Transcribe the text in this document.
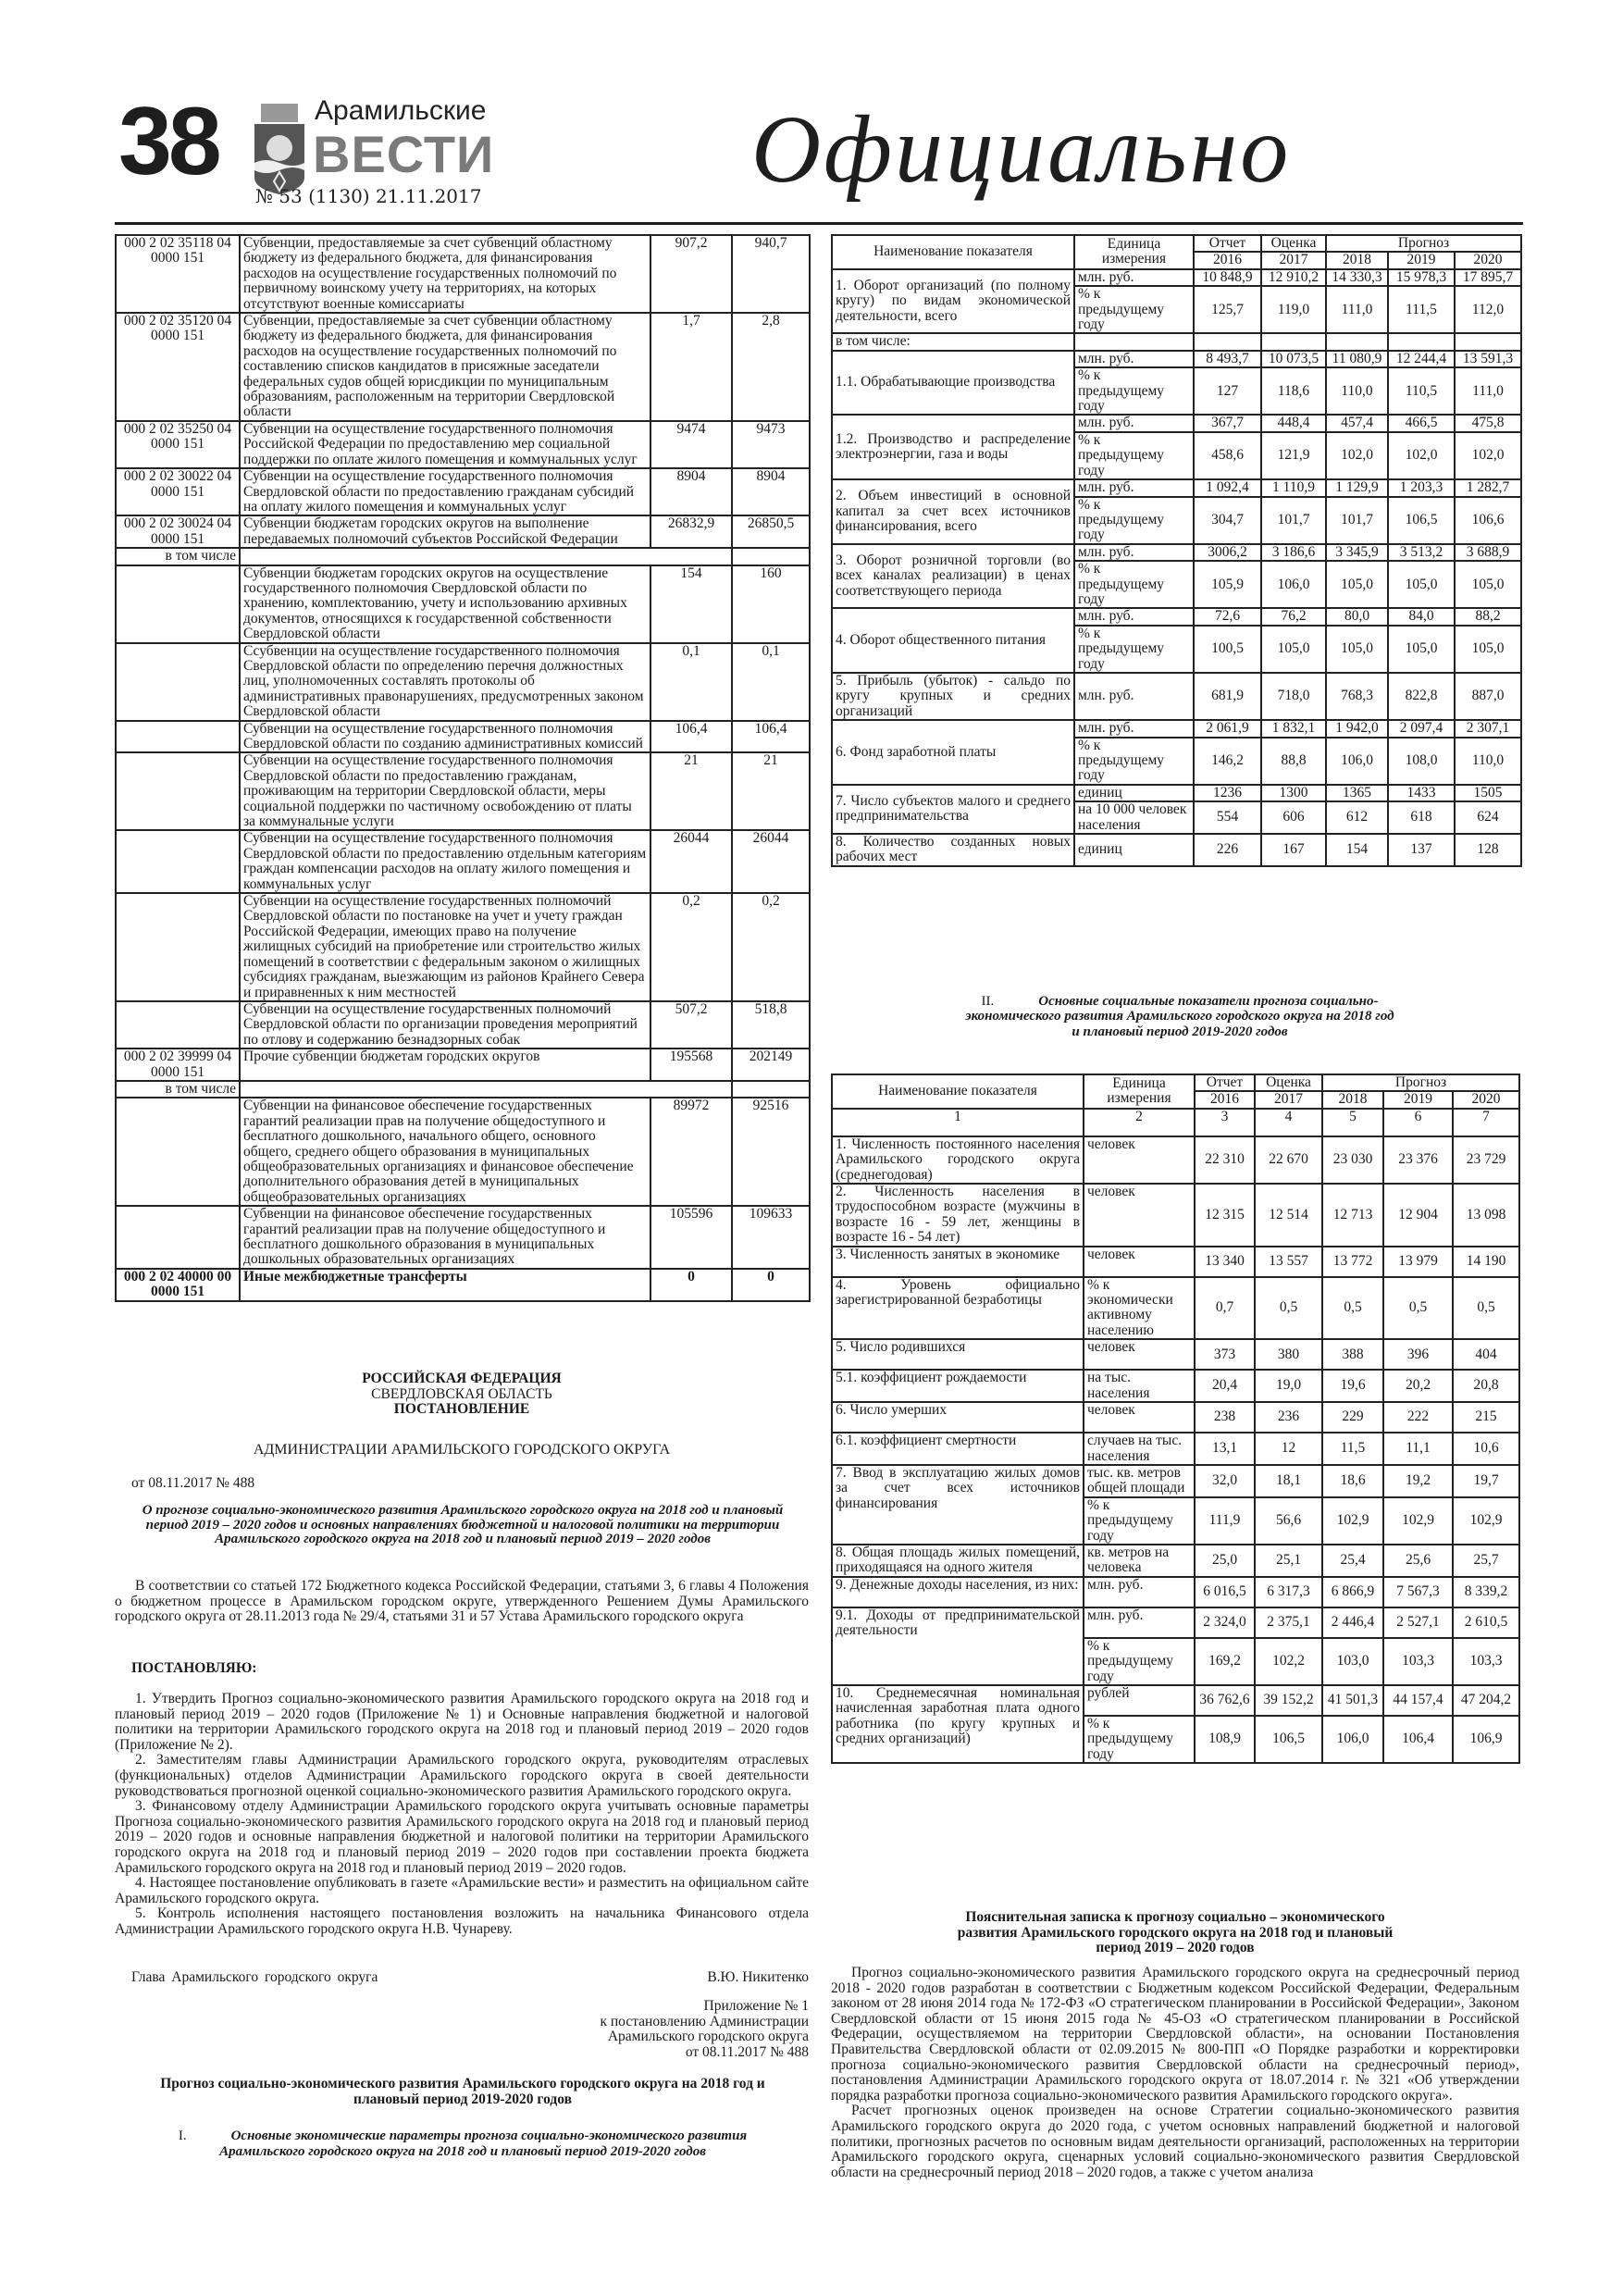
38	Арамильские
ВЕСТИ
№ 53 (1130) 21.11.2017	Официально
000 2 02 35118 04 0000 151	Субвенции, предоставляемые за счет субвенций областному бюджету из федерального бюджета, для финансирования расходов на осуществление государственных полномочий по первичному воинскому учету на территориях, на которых отсутствуют военные комиссариаты	907,2	940,7
000 2 02 35120 04 0000 151	Субвенции, предоставляемые за счет субвенции областному бюджету из федерального бюджета, для финансирования расходов на осуществление государственных полномочий по составлению списков кандидатов в присяжные заседатели федеральных судов общей юрисдикции по муниципальным образованиям, расположенным на территории Свердловской области	1,7	2,8
000 2 02 35250 04 0000 151	Субвенции на осуществление государственного полномочия Российской Федерации по предоставлению мер социальной поддержки по оплате жилого помещения и коммунальных услуг	9474	9473
000 2 02 30022 04 0000 151	Субвенции на осуществление государственного полномочия Свердловской области по предоставлению гражданам субсидий на оплату жилого помещения и коммунальных услуг	8904	8904
000 2 02 30024 04 0000 151	Субвенции бюджетам городских округов на выполнение передаваемых полномочий субъектов Российской Федерации	26832,9	26850,5
в том числе			
	Субвенции бюджетам городских округов на осуществление государственного полномочия Свердловской области по хранению, комплектованию, учету и использованию архивных документов, относящихся к государственной собственности Свердловской области	154	160
	Ссубвенции на осуществление государственного полномочия Свердловской области по определению перечня должностных лиц, уполномоченных составлять протоколы об административных правонарушениях, предусмотренных законом Свердловской области	0,1	0,1
	Субвенции на осуществление государственного полномочия Свердловской области по созданию административных комиссий	106,4	106,4
	Субвенции на осуществление государственного полномочия Свердловской области по предоставлению гражданам, проживающим на территории Свердловской области, меры социальной поддержки по частичному освобождению от платы за коммунальные услуги	21	21
	Субвенции на осуществление государственного полномочия Свердловской области по предоставлению отдельным категориям граждан компенсации расходов на оплату жилого помещения и коммунальных услуг	26044	26044
	Субвенции на осуществление государственных полномочий Свердловской области по постановке на учет и учету граждан Российской Федерации, имеющих право на получение жилищных субсидий на приобретение или строительство жилых помещений в соответствии с федеральным законом о жилищных субсидиях гражданам, выезжающим из районов Крайнего Севера и приравненных к ним местностей	0,2	0,2
	Субвенции на осуществление государственных полномочий Свердловской области по организации проведения мероприятий по отлову и содержанию безнадзорных собак	507,2	518,8
000 2 02 39999 04 0000 151	Прочие субвенции бюджетам городских округов	195568	202149
в том числе			
	Субвенции на финансовое обеспечение государственных гарантий реализации прав на получение общедоступного и бесплатного дошкольного, начального общего, основного общего, среднего общего образования в муниципальных общеобразовательных организациях и финансовое обеспечение дополнительного образования детей в муниципальных общеобразовательных организациях	89972	92516
	Субвенции на финансовое обеспечение государственных гарантий реализации прав на получение общедоступного и бесплатного дошкольного образования в муниципальных дошкольных образовательных организациях	105596	109633
000 2 02 40000 00 0000 151	Иные межбюджетные трансферты	0	0
РОССИЙСКАЯ ФЕДЕРАЦИЯ
СВЕРДЛОВСКАЯ ОБЛАСТЬ
ПОСТАНОВЛЕНИЕ
АДМИНИСТРАЦИИ АРАМИЛЬСКОГО ГОРОДСКОГО ОКРУГА
от 08.11.2017 № 488
О прогнозе социально-экономического развития Арамильского городского округа на 2018 год и плановый период 2019 – 2020 годов и основных направлениях бюджетной и налоговой политики на территории Арамильского городского округа на 2018 год и плановый период 2019 – 2020 годов

В соответствии со статьей 172 Бюджетного кодекса Российской Федерации, статьями 3, 6 главы 4 Положения о бюджетном процессе в Арамильском городском округе, утвержденного Решением Думы Арамильского городского округа от 28.11.2013 года № 29/4, статьями 31 и 57 Устава Арамильского городского округа

ПОСТАНОВЛЯЮ:

1. Утвердить Прогноз социально-экономического развития Арамильского городского округа на 2018 год и плановый период 2019 – 2020 годов (Приложение № 1) и Основные направления бюджетной и налоговой политики на территории Арамильского городского округа на 2018 год и плановый период 2019 – 2020 годов (Приложение № 2).

2. Заместителям главы Администрации Арамильского городского округа, руководителям отраслевых (функциональных) отделов Администрации Арамильского городского округа в своей деятельности руководствоваться прогнозной оценкой социально-экономического развития Арамильского городского округа.

3. Финансовому отделу Администрации Арамильского городского округа учитывать основные параметры Прогноза социально-экономического развития Арамильского городского округа на 2018 год и плановый период 2019 – 2020 годов и основные направления бюджетной и налоговой политики на территории Арамильского городского округа на 2018 год и плановый период 2019 – 2020 годов при составлении проекта бюджета Арамильского городского округа на 2018 год и плановый период 2019 – 2020 годов.

4. Настоящее постановление опубликовать в газете «Арамильские вести» и разместить на официальном сайте Арамильского городского округа.

5. Контроль исполнения настоящего постановления возложить на начальника Финансового отдела Администрации Арамильского городского округа Н.В. Чунареву.

Глава Арамильского городского округа	В.Ю. Никитенко
Приложение № 1
к постановлению Администрации
Арамильского городского округа
от 08.11.2017 № 488
Прогноз социально-экономического развития Арамильского городского округа на 2018 год и плановый период 2019-2020 годов
I.	Основные экономические параметры прогноза социально-экономического развития Арамильского городского округа на 2018 год и плановый период 2019-2020 годов
Наименование показателя	Единица измерения	Отчет	Оценка	Прогноз		
		2016	2017	2018	2019	2020
1. Оборот организаций (по полному кругу) по видам экономической деятельности, всего	млн. руб.	10 848,9	12 910,2	14 330,3	15 978,3	17 895,7
	% к предыдущему году	125,7	119,0	111,0	111,5	112,0
в том числе:						
1.1. Обрабатывающие производства	млн. руб.	8 493,7	10 073,5	11 080,9	12 244,4	13 591,3
	% к предыдущему году	127	118,6	110,0	110,5	111,0
1.2. Производство и распределение электроэнергии, газа и воды	млн. руб.	367,7	448,4	457,4	466,5	475,8
	% к предыдущему году	458,6	121,9	102,0	102,0	102,0
2. Объем инвестиций в основной капитал за счет всех источников финансирования, всего	млн. руб.	1 092,4	1 110,9	1 129,9	1 203,3	1 282,7
	% к предыдущему году	304,7	101,7	101,7	106,5	106,6
3. Оборот розничной торговли (во всех каналах реализации) в ценах соответствующего периода	млн. руб.	3006,2	3 186,6	3 345,9	3 513,2	3 688,9
	% к предыдущему году	105,9	106,0	105,0	105,0	105,0
4. Оборот общественного питания	млн. руб.	72,6	76,2	80,0	84,0	88,2
	% к предыдущему году	100,5	105,0	105,0	105,0	105,0
5. Прибыль (убыток) - сальдо по кругу крупных и средних организаций	млн. руб.	681,9	718,0	768,3	822,8	887,0
6. Фонд заработной платы	млн. руб.	2 061,9	1 832,1	1 942,0	2 097,4	2 307,1
	% к предыдущему году	146,2	88,8	106,0	108,0	110,0
7. Число субъектов малого и среднего предпринимательства	единиц	1236	1300	1365	1433	1505
	на 10 000 человек населения	554	606	612	618	624
8. Количество созданных новых рабочих мест	единиц	226	167	154	137	128
II.	Основные социальные показатели прогноза социально-экономического развития Арамильского городского округа на 2018 год и плановый период 2019-2020 годов
Наименование показателя	Единица измерения	Отчет	Оценка	Прогноз		
		2016	2017	2018	2019	2020
1	2	3	4	5	6	7
1. Численность постоянного населения Арамильского городского округа (среднегодовая)	человек	22 310	22 670	23 030	23 376	23 729
2. Численность населения в трудоспособном возрасте (мужчины в возрасте 16 - 59 лет, женщины в возрасте 16 - 54 лет)	человек	12 315	12 514	12 713	12 904	13 098
3. Численность занятых в экономике	человек	13 340	13 557	13 772	13 979	14 190
4. Уровень официально зарегистрированной безработицы	% к экономически активному населению	0,7	0,5	0,5	0,5	0,5
5. Число родившихся	человек	373	380	388	396	404
5.1. коэффициент рождаемости	на тыс. населения	20,4	19,0	19,6	20,2	20,8
6. Число умерших	человек	238	236	229	222	215
6.1. коэффициент смертности	случаев на тыс. населения	13,1	12	11,5	11,1	10,6
7. Ввод в эксплуатацию жилых домов за счет всех источников финансирования	тыс. кв. метров общей площади	32,0	18,1	18,6	19,2	19,7
	% к предыдущему году	111,9	56,6	102,9	102,9	102,9
8. Общая площадь жилых помещений, приходящаяся на одного жителя	кв. метров на человека	25,0	25,1	25,4	25,6	25,7
9. Денежные доходы населения, из них:	млн. руб.	6 016,5	6 317,3	6 866,9	7 567,3	8 339,2
9.1. Доходы от предпринимательской деятельности	млн. руб.	2 324,0	2 375,1	2 446,4	2 527,1	2 610,5
	% к предыдущему году	169,2	102,2	103,0	103,3	103,3
10. Среднемесячная номинальная начисленная заработная плата одного работника (по кругу крупных и средних организаций)	рублей	36 762,6	39 152,2	41 501,3	44 157,4	47 204,2
	% к предыдущему году	108,9	106,5	106,0	106,4	106,9
Пояснительная записка к прогнозу социально – экономического развития Арамильского городского округа на 2018 год и плановый период 2019 – 2020 годов

Прогноз социально-экономического развития Арамильского городского округа на среднесрочный период 2018 - 2020 годов разработан в соответствии с Бюджетным кодексом Российской Федерации, Федеральным законом от 28 июня 2014 года № 172-ФЗ «О стратегическом планировании в Российской Федерации», Законом Свердловской области от 15 июня 2015 года № 45-ОЗ «О стратегическом планировании в Российской Федерации, осуществляемом на территории Свердловской области», на основании Постановления Правительства Свердловской области от 02.09.2015 № 800-ПП «О Порядке разработки и корректировки прогноза социально-экономического развития Свердловской области на среднесрочный период», постановления Администрации Арамильского городского округа от 18.07.2014 г. № 321 «Об утверждении порядка разработки прогноза социально-экономического развития Арамильского городского округа».

Расчет прогнозных оценок произведен на основе Стратегии социально-экономического развития Арамильского городского округа до 2020 года, с учетом основных направлений бюджетной и налоговой политики, прогнозных расчетов по основным видам деятельности организаций, расположенных на территории Арамильского городского округа, сценарных условий социально-экономического развития Свердловской области на среднесрочный период 2018 – 2020 годов, а также с учетом анализа
